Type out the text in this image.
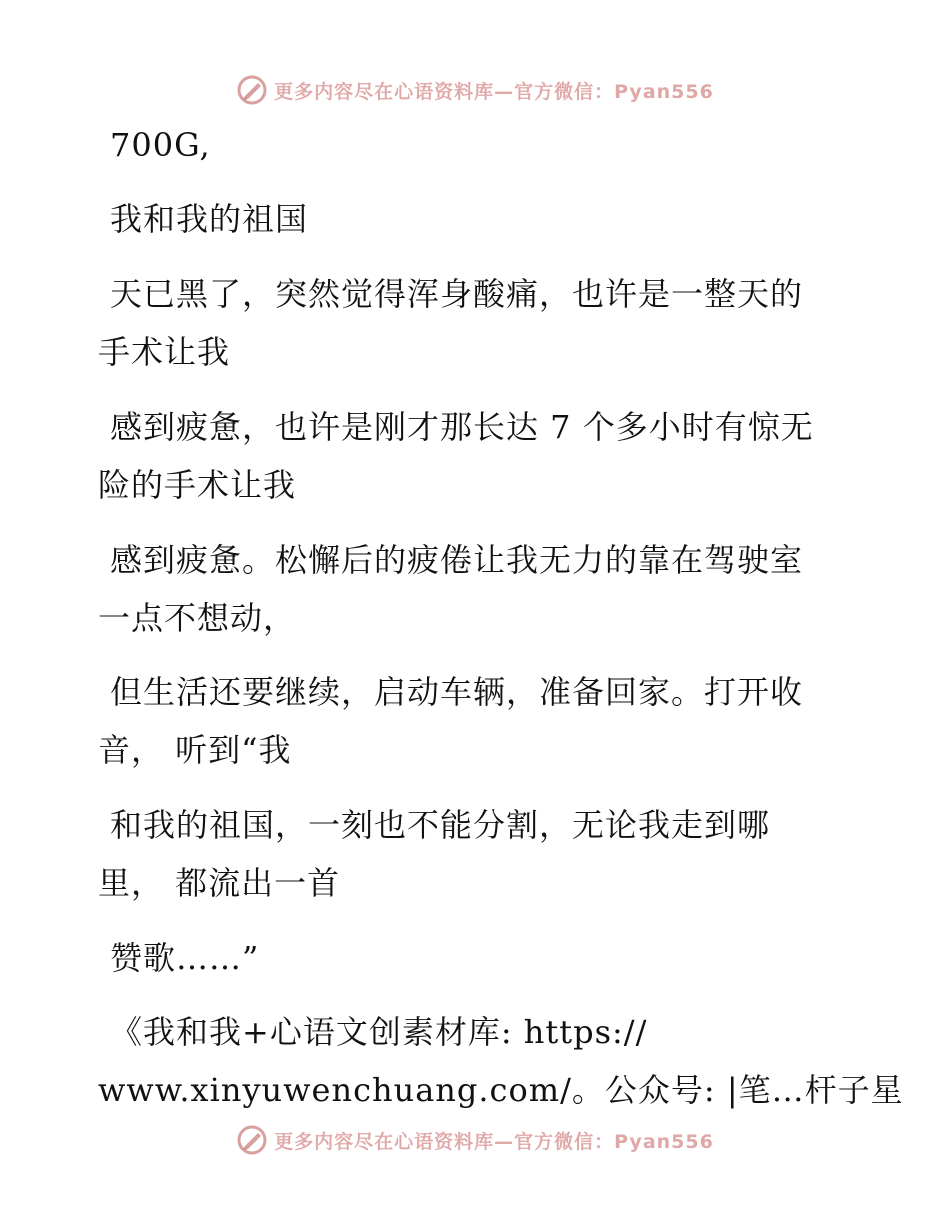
更多内容尽在心语资料库—官方微信：Pyan556
700G,
我和我的祖国
天已黑了，突然觉得浑身酸痛，也许是一整天的
手术让我
感到疲惫，也许是刚才那长达 7 个多小时有惊无
险的手术让我
感到疲惫。松懈后的疲倦让我无力的靠在驾驶室
一点不想动，
但生活还要继续，启动车辆，准备回家。打开收
音， 听到“我
和我的祖国，一刻也不能分割，无论我走到哪
里， 都流出一首
赞歌……”
《我和我+心语文创素材库: https://
www.xinyuwenchuang.com/。公众号: |笔…杆子星
更多内容尽在心语资料库—官方微信：Pyan556
